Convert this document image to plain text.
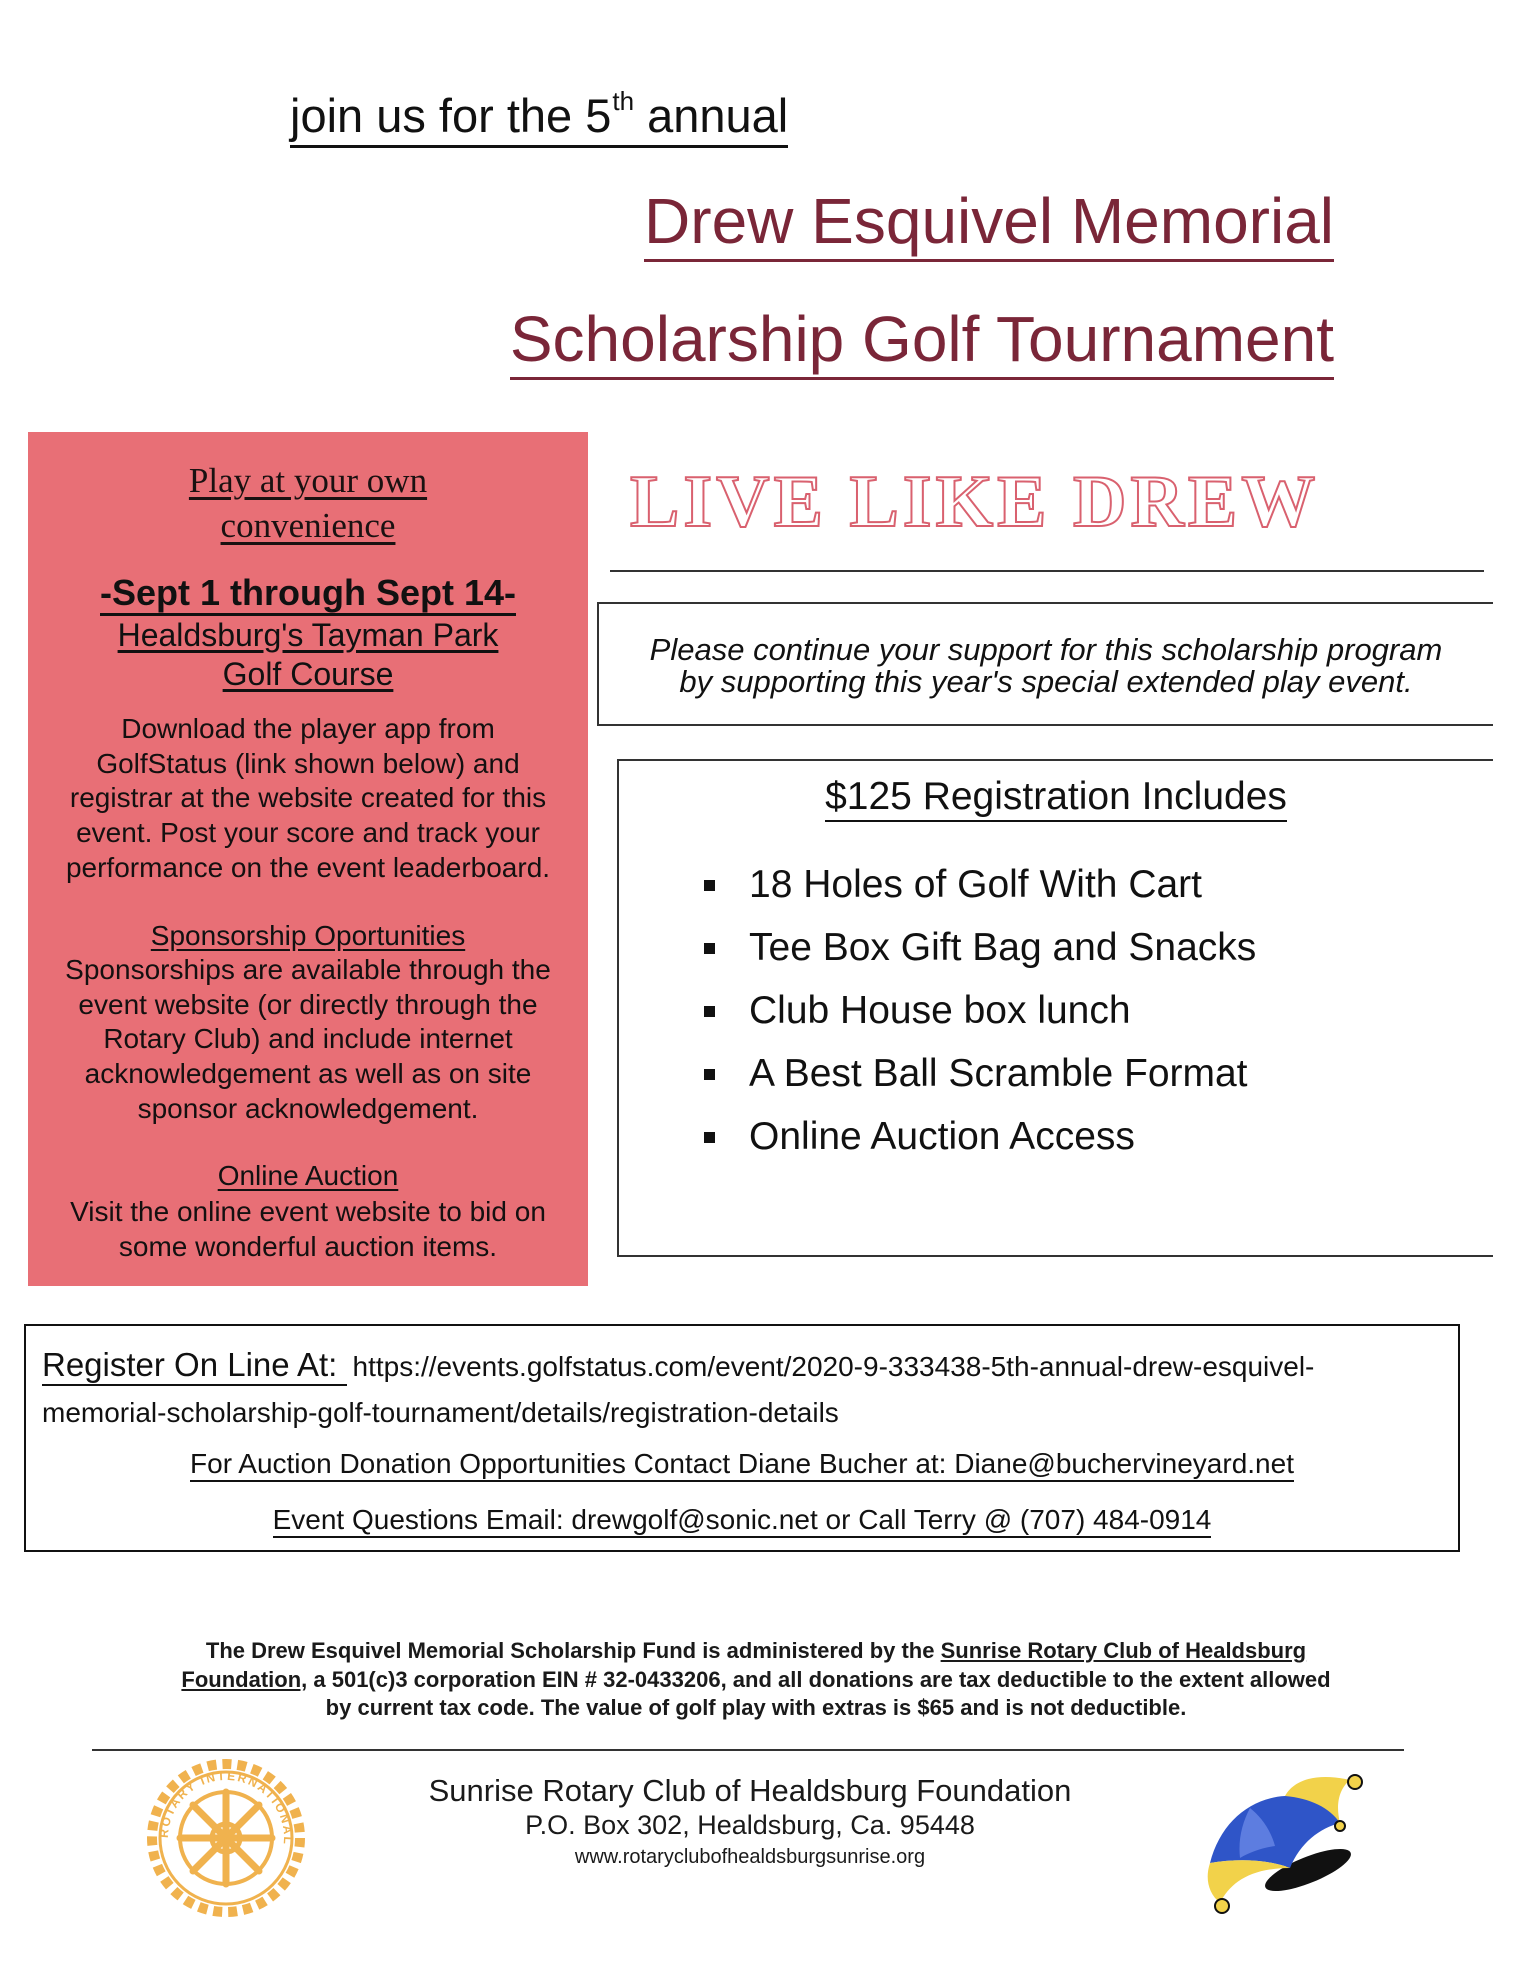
join us for the 5th annual
Drew Esquivel Memorial
Scholarship Golf Tournament
Play at your own
convenience
-Sept 1 through Sept 14-
Healdsburg's Tayman Park
Golf Course
Download the player app from
GolfStatus (link shown below) and
registrar at the website created for this
event. Post your score and track your
performance on the event leaderboard.
Sponsorship Oportunities
Sponsorships are available through the
event website (or directly through the
Rotary Club) and include internet
acknowledgement as well as on site
sponsor acknowledgement.
Online Auction
Visit the online event website to bid on
some wonderful auction items.
LIVE LIKE DREW
Please continue your support for this scholarship program
by supporting this year's special extended play event.
$125 Registration Includes
18 Holes of Golf With Cart
Tee Box Gift Bag and Snacks
Club House box lunch
A Best Ball Scramble Format
Online Auction Access
Register On Line At: https://events.golfstatus.com/event/2020-9-333438-5th-annual-drew-esquivel-
memorial-scholarship-golf-tournament/details/registration-details
For Auction Donation Opportunities Contact Diane Bucher at: Diane@buchervineyard.net
Event Questions Email: drewgolf@sonic.net or Call Terry @ (707) 484-0914
The Drew Esquivel Memorial Scholarship Fund is administered by the Sunrise Rotary Club of Healdsburg
Foundation, a 501(c)3 corporation EIN # 32-0433206, and all donations are tax deductible to the extent allowed
by current tax code. The value of golf play with extras is $65 and is not deductible.
ROTARY INTERNATIONAL
Sunrise Rotary Club of Healdsburg Foundation
P.O. Box 302, Healdsburg, Ca. 95448
www.rotaryclubofhealdsburgsunrise.org
